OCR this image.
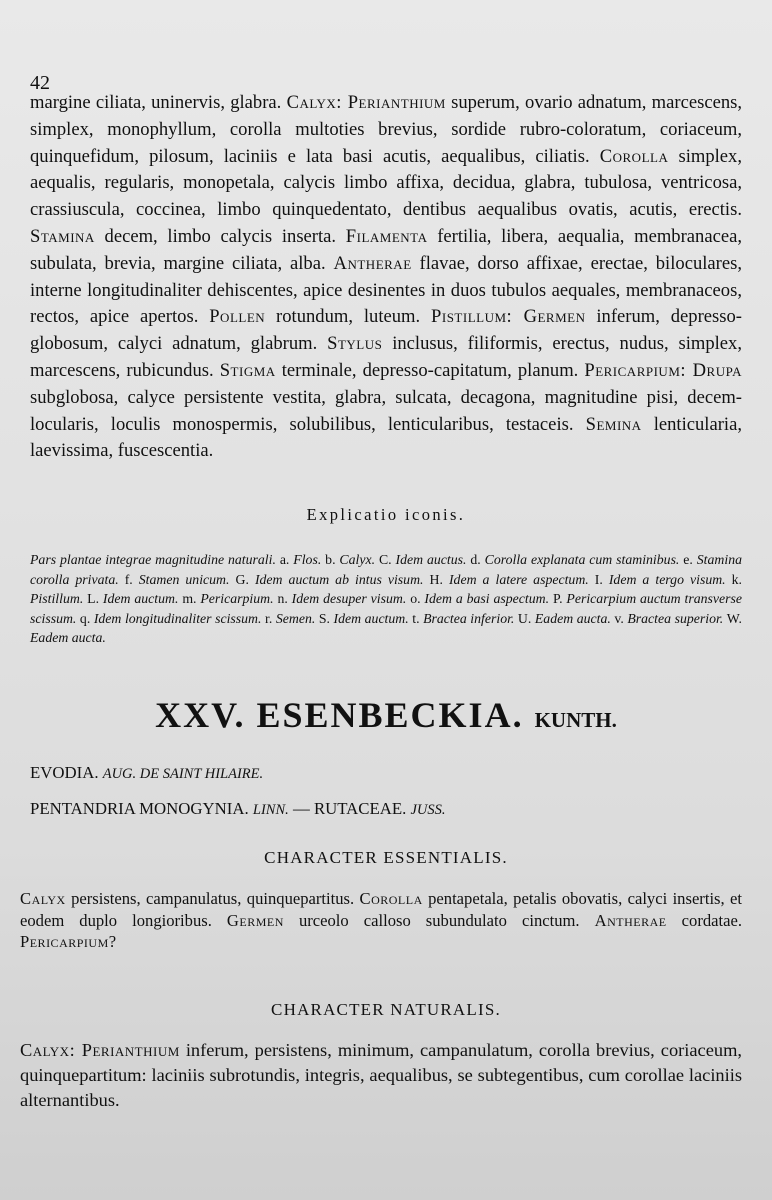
42

margine ciliata, uninervis, glabra. Calyx: Perianthium superum, ovario adnatum, marcescens, simplex, monophyllum, corolla multoties brevius, sordide rubro-coloratum, coriaceum, quinquefidum, pilosum, laciniis e lata basi acutis, aequalibus, ciliatis. Corolla simplex, aequalis, regularis, monopetala, calycis limbo affixa, decidua, glabra, tubulosa, ventricosa, crassiuscula, coccinea, limbo quinquedentato, dentibus aequalibus ovatis, acutis, erectis. Stamina decem, limbo calycis inserta. Filamenta fertilia, libera, aequalia, membranacea, subulata, brevia, margine ciliata, alba. Antherae flavae, dorso affixae, erectae, biloculares, interne longitudinaliter dehiscentes, apice desinentes in duos tubulos aequales, membranaceos, rectos, apice apertos. Pollen rotundum, luteum. Pistillum: Germen inferum, depresso-globosum, calyci adnatum, glabrum. Stylus inclusus, filiformis, erectus, nudus, simplex, marcescens, rubicundus. Stigma terminale, depresso-capitatum, planum. Pericarpium: Drupa subglobosa, calyce persistente vestita, glabra, sulcata, decagona, magnitudine pisi, decem-locularis, loculis monospermis, solubilibus, lenticularibus, testaceis. Semina lenticularia, laevissima, fuscescentia.

Explicatio iconis.

Pars plantae integrae magnitudine naturali. a. Flos. b. Calyx. C. Idem auctus. d. Corolla explanata cum staminibus. e. Stamina corolla privata. f. Stamen unicum. G. Idem auctum ab intus visum. H. Idem a latere aspectum. I. Idem a tergo visum. k. Pistillum. L. Idem auctum. m. Pericarpium. n. Idem desuper visum. o. Idem a basi aspectum. P. Pericarpium auctum transverse scissum. q. Idem longitudinaliter scissum. r. Semen. S. Idem auctum. t. Bractea inferior. U. Eadem aucta. v. Bractea superior. W. Eadem aucta.

XXV. ESENBECKIA. KUNTH.
EVODIA. AUG. DE SAINT HILAIRE.
PENTANDRIA MONOGYNIA. LINN. — RUTACEAE. JUSS.
CHARACTER ESSENTIALIS.

Calyx persistens, campanulatus, quinquepartitus. Corolla pentapetala, petalis obovatis, calyci insertis, et eodem duplo longioribus. Germen urceolo calloso subundulato cinctum. Antherae cordatae. Pericarpium?

CHARACTER NATURALIS.

Calyx: Perianthium inferum, persistens, minimum, campanulatum, corolla brevius, coriaceum, quinquepartitum: laciniis subrotundis, integris, aequalibus, se subtegentibus, cum corollae laciniis alternantibus.
